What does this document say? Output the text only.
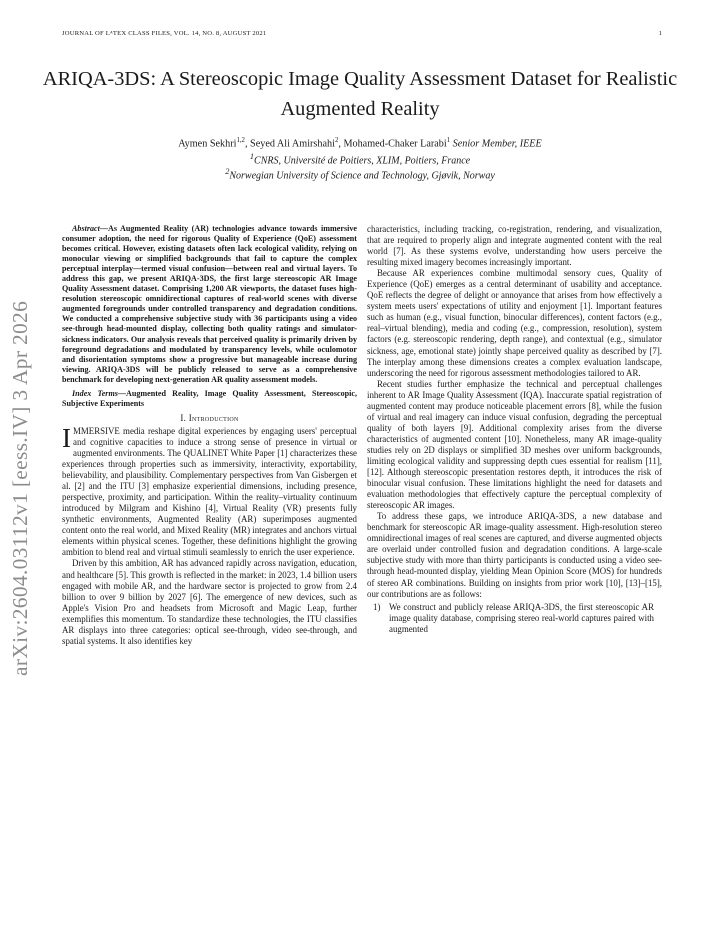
JOURNAL OF LᴬTEX CLASS FILES, VOL. 14, NO. 8, AUGUST 2021	1
arXiv:2604.03112v1 [eess.IV] 3 Apr 2026
ARIQA-3DS: A Stereoscopic Image Quality Assessment Dataset for Realistic Augmented Reality
Aymen Sekhri$^{1,2}$, Seyed Ali Amirshahi$^2$, Mohamed-Chaker Larabi$^1$ Senior Member, IEEE
$^1$CNRS, Université de Poitiers, XLIM, Poitiers, France
$^2$Norwegian University of Science and Technology, Gjøvik, Norway

Abstract—As Augmented Reality (AR) technologies advance towards immersive consumer adoption, the need for rigorous Quality of Experience (QoE) assessment becomes critical. However, existing datasets often lack ecological validity, relying on monocular viewing or simplified backgrounds that fail to capture the complex perceptual interplay—termed visual confusion—between real and virtual layers. To address this gap, we present ARIQA-3DS, the first large stereoscopic AR Image Quality Assessment dataset. Comprising 1,200 AR viewports, the dataset fuses high-resolution stereoscopic omnidirectional captures of real-world scenes with diverse augmented foregrounds under controlled transparency and degradation conditions. We conducted a comprehensive subjective study with 36 participants using a video see-through head-mounted display, collecting both quality ratings and simulator-sickness indicators. Our analysis reveals that perceived quality is primarily driven by foreground degradations and modulated by transparency levels, while oculomotor and disorientation symptoms show a progressive but manageable increase during viewing. ARIQA-3DS will be publicly released to serve as a comprehensive benchmark for developing next-generation AR quality assessment models.

Index Terms—Augmented Reality, Image Quality Assessment, Stereoscopic, Subjective Experiments

I. Introduction

IMMERSIVE media reshape digital experiences by engaging users' perceptual and cognitive capacities to induce a strong sense of presence in virtual or augmented environments. The QUALINET White Paper [1] characterizes these experiences through properties such as immersivity, interactivity, exportability, believability, and plausibility. Complementary perspectives from Van Gisbergen et al. [2] and the ITU [3] emphasize experiential dimensions, including presence, perspective, proximity, and participation. Within the reality–virtuality continuum introduced by Milgram and Kishino [4], Virtual Reality (VR) presents fully synthetic environments, Augmented Reality (AR) superimposes augmented content onto the real world, and Mixed Reality (MR) integrates and anchors virtual elements within physical scenes. Together, these definitions highlight the growing ambition to blend real and virtual stimuli seamlessly to enrich the user experience.

Driven by this ambition, AR has advanced rapidly across navigation, education, and healthcare [5]. This growth is reflected in the market: in 2023, 1.4 billion users engaged with mobile AR, and the hardware sector is projected to grow from 2.4 billion to over 9 billion by 2027 [6]. The emergence of new devices, such as Apple's Vision Pro and headsets from Microsoft and Magic Leap, further exemplifies this momentum. To standardize these technologies, the ITU classifies AR displays into three categories: optical see-through, video see-through, and spatial systems. It also identifies key

characteristics, including tracking, co-registration, rendering, and visualization, that are required to properly align and integrate augmented content with the real world [7]. As these systems evolve, understanding how users perceive the resulting mixed imagery becomes increasingly important.

Because AR experiences combine multimodal sensory cues, Quality of Experience (QoE) emerges as a central determinant of usability and acceptance. QoE reflects the degree of delight or annoyance that arises from how effectively a system meets users' expectations of utility and enjoyment [1]. Important features such as human (e.g., visual function, binocular differences), content factors (e.g., real–virtual blending), media and coding (e.g., compression, resolution), system factors (e.g. stereoscopic rendering, depth range), and contextual (e.g., simulator sickness, age, emotional state) jointly shape perceived quality as described by [7]. The interplay among these dimensions creates a complex evaluation landscape, underscoring the need for rigorous assessment methodologies tailored to AR.

Recent studies further emphasize the technical and perceptual challenges inherent to AR Image Quality Assessment (IQA). Inaccurate spatial registration of augmented content may produce noticeable placement errors [8], while the fusion of virtual and real imagery can induce visual confusion, degrading the perceptual quality of both layers [9]. Additional complexity arises from the diverse characteristics of augmented content [10]. Nonetheless, many AR image-quality studies rely on 2D displays or simplified 3D meshes over uniform backgrounds, limiting ecological validity and suppressing depth cues essential for realism [11], [12]. Although stereoscopic presentation restores depth, it introduces the risk of binocular visual confusion. These limitations highlight the need for datasets and evaluation methodologies that effectively capture the perceptual complexity of stereoscopic AR images.

To address these gaps, we introduce ARIQA-3DS, a new database and benchmark for stereoscopic AR image-quality assessment. High-resolution stereo omnidirectional images of real scenes are captured, and diverse augmented objects are overlaid under controlled fusion and degradation conditions. A large-scale subjective study with more than thirty participants is conducted using a video see-through head-mounted display, yielding Mean Opinion Score (MOS) for hundreds of stereo AR combinations. Building on insights from prior work [10], [13]–[15], our contributions are as follows:

1) We construct and publicly release ARIQA-3DS, the first stereoscopic AR image quality database, comprising stereo real-world captures paired with augmented
